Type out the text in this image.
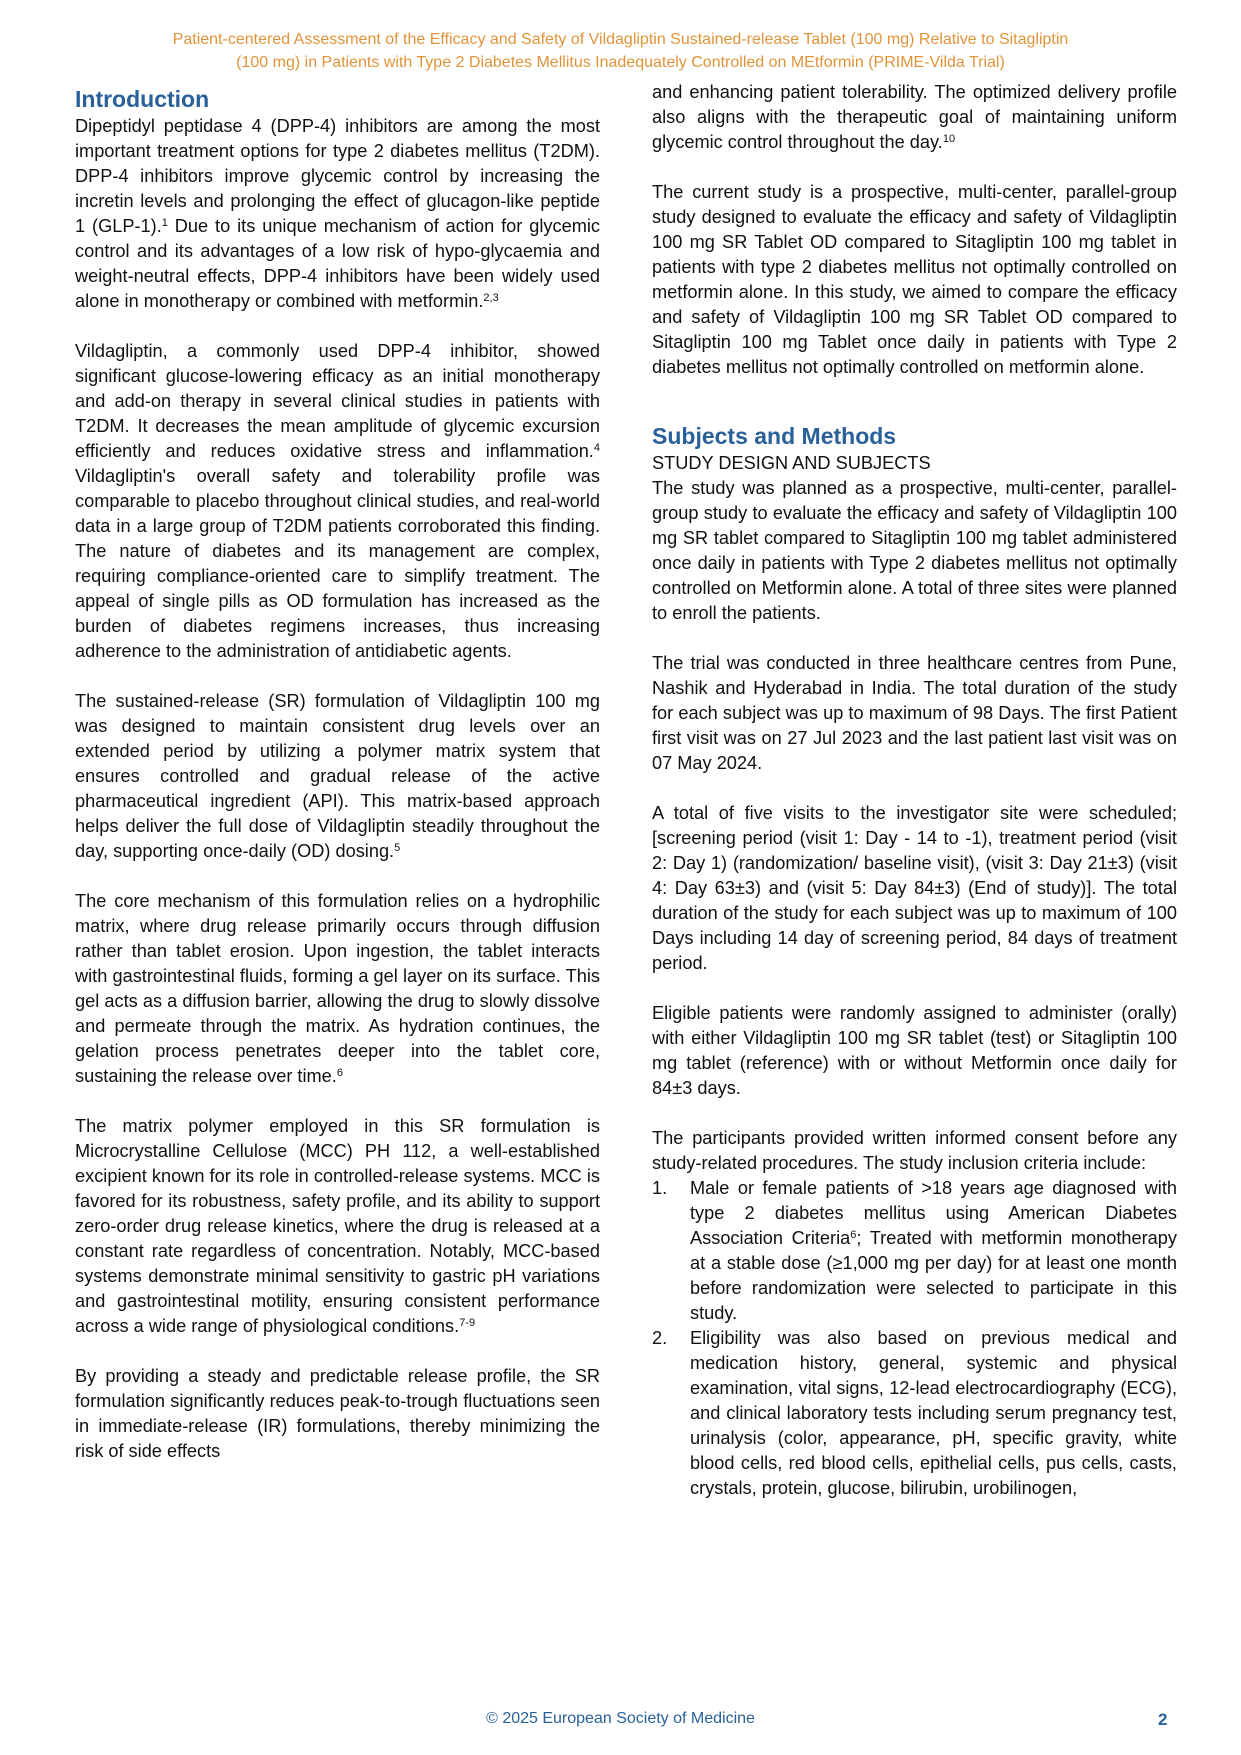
Patient-centered Assessment of the Efficacy and Safety of Vildagliptin Sustained-release Tablet (100 mg) Relative to Sitagliptin
(100 mg) in Patients with Type 2 Diabetes Mellitus Inadequately Controlled on MEtformin (PRIME-Vilda Trial)
Introduction

Dipeptidyl peptidase 4 (DPP-4) inhibitors are among the most important treatment options for type 2 diabetes mellitus (T2DM). DPP-4 inhibitors improve glycemic control by increasing the incretin levels and prolonging the effect of glucagon-like peptide 1 (GLP-1).$^1$ Due to its unique mechanism of action for glycemic control and its advantages of a low risk of hypo-glycaemia and weight-neutral effects, DPP-4 inhibitors have been widely used alone in monotherapy or combined with metformin.$^{2,3}$

Vildagliptin, a commonly used DPP-4 inhibitor, showed significant glucose-lowering efficacy as an initial monotherapy and add-on therapy in several clinical studies in patients with T2DM. It decreases the mean amplitude of glycemic excursion efficiently and reduces oxidative stress and inflammation.$^4$ Vildagliptin's overall safety and tolerability profile was comparable to placebo throughout clinical studies, and real-world data in a large group of T2DM patients corroborated this finding. The nature of diabetes and its management are complex, requiring compliance-oriented care to simplify treatment. The appeal of single pills as OD formulation has increased as the burden of diabetes regimens increases, thus increasing adherence to the administration of antidiabetic agents.

The sustained-release (SR) formulation of Vildagliptin 100 mg was designed to maintain consistent drug levels over an extended period by utilizing a polymer matrix system that ensures controlled and gradual release of the active pharmaceutical ingredient (API). This matrix-based approach helps deliver the full dose of Vildagliptin steadily throughout the day, supporting once-daily (OD) dosing.$^5$

The core mechanism of this formulation relies on a hydrophilic matrix, where drug release primarily occurs through diffusion rather than tablet erosion. Upon ingestion, the tablet interacts with gastrointestinal fluids, forming a gel layer on its surface. This gel acts as a diffusion barrier, allowing the drug to slowly dissolve and permeate through the matrix. As hydration continues, the gelation process penetrates deeper into the tablet core, sustaining the release over time.$^6$

The matrix polymer employed in this SR formulation is Microcrystalline Cellulose (MCC) PH 112, a well-established excipient known for its role in controlled-release systems. MCC is favored for its robustness, safety profile, and its ability to support zero-order drug release kinetics, where the drug is released at a constant rate regardless of concentration. Notably, MCC-based systems demonstrate minimal sensitivity to gastric pH variations and gastrointestinal motility, ensuring consistent performance across a wide range of physiological conditions.$^{7-9}$

By providing a steady and predictable release profile, the SR formulation significantly reduces peak-to-trough fluctuations seen in immediate-release (IR) formulations, thereby minimizing the risk of side effects

and enhancing patient tolerability. The optimized delivery profile also aligns with the therapeutic goal of maintaining uniform glycemic control throughout the day.$^{10}$

The current study is a prospective, multi-center, parallel-group study designed to evaluate the efficacy and safety of Vildagliptin 100 mg SR Tablet OD compared to Sitagliptin 100 mg tablet in patients with type 2 diabetes mellitus not optimally controlled on metformin alone. In this study, we aimed to compare the efficacy and safety of Vildagliptin 100 mg SR Tablet OD compared to Sitagliptin 100 mg Tablet once daily in patients with Type 2 diabetes mellitus not optimally controlled on metformin alone.

Subjects and Methods
STUDY DESIGN AND SUBJECTS

The study was planned as a prospective, multi-center, parallel-group study to evaluate the efficacy and safety of Vildagliptin 100 mg SR tablet compared to Sitagliptin 100 mg tablet administered once daily in patients with Type 2 diabetes mellitus not optimally controlled on Metformin alone. A total of three sites were planned to enroll the patients.

The trial was conducted in three healthcare centres from Pune, Nashik and Hyderabad in India. The total duration of the study for each subject was up to maximum of 98 Days. The first Patient first visit was on 27 Jul 2023 and the last patient last visit was on 07 May 2024.

A total of five visits to the investigator site were scheduled; [screening period (visit 1: Day - 14 to -1), treatment period (visit 2: Day 1) (randomization/ baseline visit), (visit 3: Day 21±3) (visit 4: Day 63±3) and (visit 5: Day 84±3) (End of study)]. The total duration of the study for each subject was up to maximum of 100 Days including 14 day of screening period, 84 days of treatment period.

Eligible patients were randomly assigned to administer (orally) with either Vildagliptin 100 mg SR tablet (test) or Sitagliptin 100 mg tablet (reference) with or without Metformin once daily for 84±3 days.

The participants provided written informed consent before any study-related procedures. The study inclusion criteria include:

1. Male or female patients of >18 years age diagnosed with type 2 diabetes mellitus using American Diabetes Association Criteria$^6$; Treated with metformin monotherapy at a stable dose (≥1,000 mg per day) for at least one month before randomization were selected to participate in this study.
2. Eligibility was also based on previous medical and medication history, general, systemic and physical examination, vital signs, 12-lead electrocardiography (ECG), and clinical laboratory tests including serum pregnancy test, urinalysis (color, appearance, pH, specific gravity, white blood cells, red blood cells, epithelial cells, pus cells, casts, crystals, protein, glucose, bilirubin, urobilinogen,
© 2025 European Society of Medicine	2
